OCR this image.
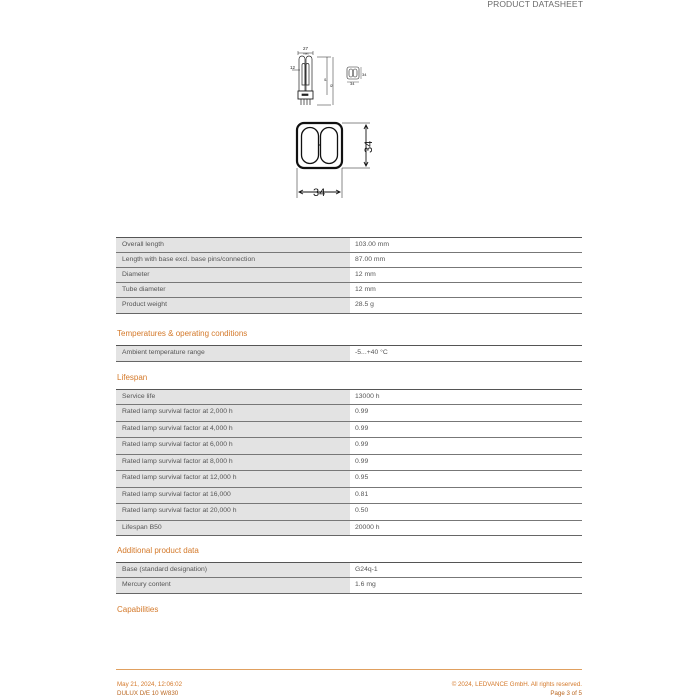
PRODUCT DATASHEET
27
max
12
l1
l2
34
34
34
34
Overall length	103.00 mm
Length with base excl. base pins/connection	87.00 mm
Diameter	12 mm
Tube diameter	12 mm
Product weight	28.5 g
Temperatures & operating conditions
Ambient temperature range	-5...+40 °C
Lifespan
Service life	13000 h
Rated lamp survival factor at 2,000 h	0.99
Rated lamp survival factor at 4,000 h	0.99
Rated lamp survival factor at 6,000 h	0.99
Rated lamp survival factor at 8,000 h	0.99
Rated lamp survival factor at 12,000 h	0.95
Rated lamp survival factor at 16,000	0.81
Rated lamp survival factor at 20,000 h	0.50
Lifespan B50	20000 h
Additional product data
Base (standard designation)	G24q-1
Mercury content	1.6 mg
Capabilities
May 21, 2024, 12:06:02
DULUX D/E 10 W/830
© 2024, LEDVANCE GmbH. All rights reserved.
Page 3 of 5
